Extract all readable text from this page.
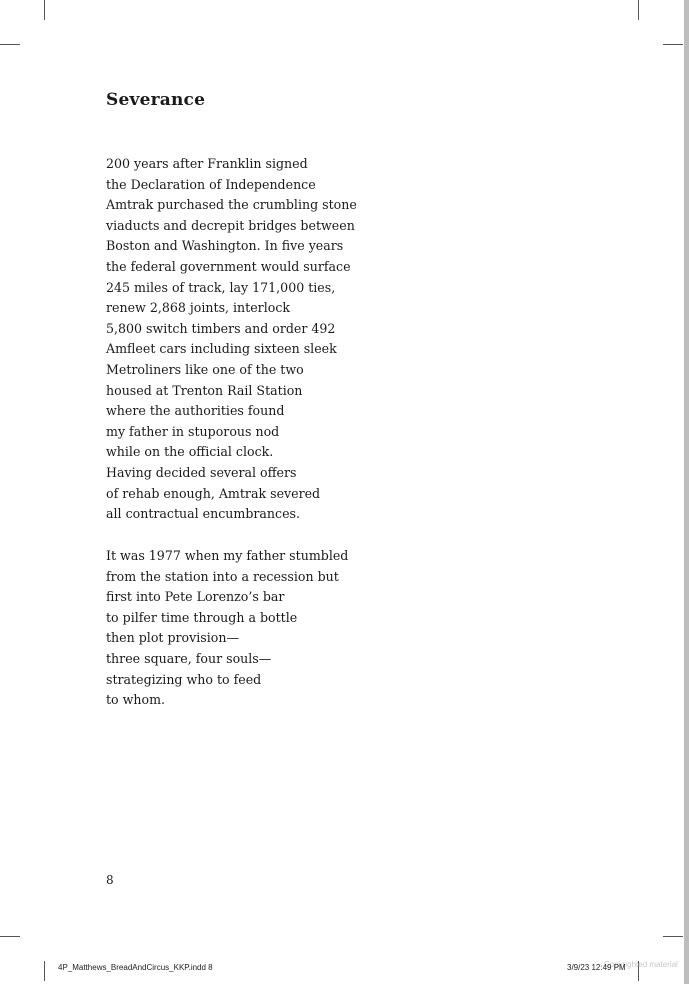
Severance
200 years after Franklin signed
the Declaration of Independence
Amtrak purchased the crumbling stone
viaducts and decrepit bridges between
Boston and Washington. In five years
the federal government would surface
245 miles of track, lay 171,000 ties,
renew 2,868 joints, interlock
5,800 switch timbers and order 492
Amfleet cars including sixteen sleek
Metroliners like one of the two
housed at Trenton Rail Station
where the authorities found
my father in stuporous nod
while on the official clock.
Having decided several offers
of rehab enough, Amtrak severed
all contractual encumbrances.
It was 1977 when my father stumbled
from the station into a recession but
first into Pete Lorenzo’s bar
to pilfer time through a bottle
then plot provision—
three square, four souls—
strategizing who to feed
to whom.
8
Copyrighted material
4P_Matthews_BreadAndCircus_KKP.indd 8	3/9/23 12:49 PM
